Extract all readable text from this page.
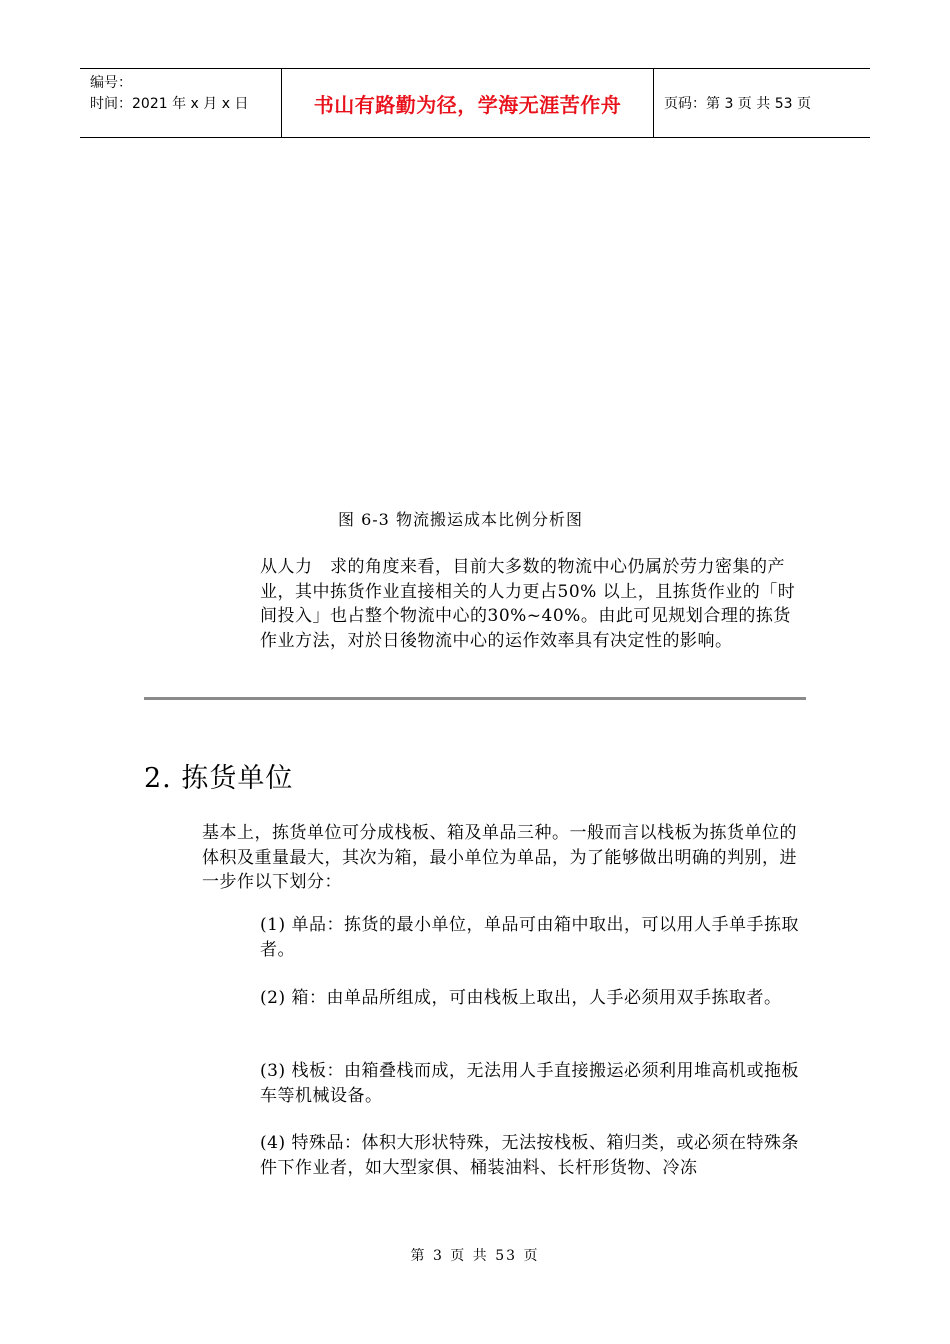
编号：
时间：2021 年 x 月 x 日	书山有路勤为径，学海无涯苦作舟	页码：第 3 页 共 53 页
图 6-3 物流搬运成本比例分析图

从人力　求的角度来看，目前大多数的物流中心仍属於劳力密集的产业，其中拣货作业直接相关的人力更占50% 以上，且拣货作业的「时间投入」也占整个物流中心的30%~40%。由此可见规划合理的拣货作业方法，对於日後物流中心的运作效率具有决定性的影响。

2. 拣货单位

基本上，拣货单位可分成栈板、箱及单品三种。一般而言以栈板为拣货单位的体积及重量最大，其次为箱，最小单位为单品，为了能够做出明确的判别，进一步作以下划分：

(1) 单品：拣货的最小单位，单品可由箱中取出，可以用人手单手拣取者。
(2) 箱：由单品所组成，可由栈板上取出，人手必须用双手拣取者。
(3) 栈板：由箱叠栈而成，无法用人手直接搬运必须利用堆高机或拖板车等机械设备。
(4) 特殊品：体积大形状特殊，无法按栈板、箱归类，或必须在特殊条件下作业者，如大型家俱、桶装油料、长杆形货物、冷冻
第 3 页 共 53 页
